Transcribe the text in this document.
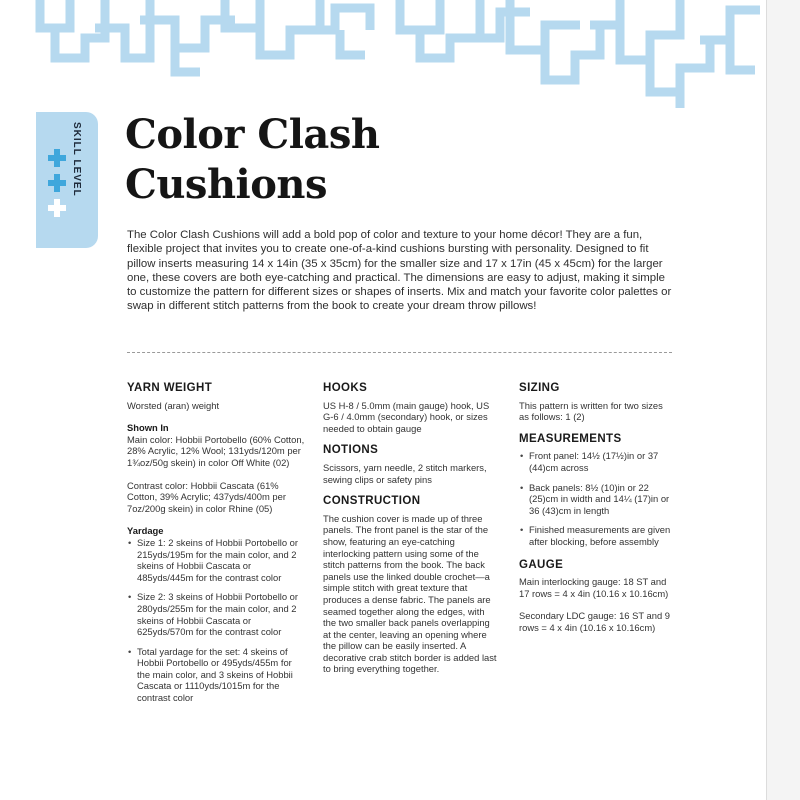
SKILL LEVEL Color Clash
Cushions

The Color Clash Cushions will add a bold pop of color and texture to your home décor! They are a fun, flexible project that invites you to create one-of-a-kind cushions bursting with personality. Designed to fit pillow inserts measuring 14 x 14in (35 x 35cm) for the smaller size and 17 x 17in (45 x 45cm) for the larger one, these covers are both eye-catching and practical. The dimensions are easy to adjust, making it simple to customize the pattern for different sizes or shapes of inserts. Mix and match your favorite color palettes or swap in different stitch patterns from the book to create your dream throw pillows!

YARN WEIGHT

Worsted (aran) weight

Shown In

Main color: Hobbii Portobello (60% Cotton, 28% Acrylic, 12% Wool; 131yds/120m per 1¾oz/50g skein) in color Off White (02)

Contrast color: Hobbii Cascata (61% Cotton, 39% Acrylic; 437yds/400m per 7oz/200g skein) in color Rhine (05)

Yardage

• Size 1: 2 skeins of Hobbii Portobello or 215yds/195m for the main color, and 2 skeins of Hobbii Cascata or 485yds/445m for the contrast color
• Size 2: 3 skeins of Hobbii Portobello or 280yds/255m for the main color, and 2 skeins of Hobbii Cascata or 625yds/570m for the contrast color
• Total yardage for the set: 4 skeins of Hobbii Portobello or 495yds/455m for the main color, and 3 skeins of Hobbii Cascata or 1110yds/1015m for the contrast color
HOOKS

US H-8 / 5.0mm (main gauge) hook, US G-6 / 4.0mm (secondary) hook, or sizes needed to obtain gauge

NOTIONS

Scissors, yarn needle, 2 stitch markers, sewing clips or safety pins

CONSTRUCTION

The cushion cover is made up of three panels. The front panel is the star of the show, featuring an eye-catching interlocking pattern using some of the stitch patterns from the book. The back panels use the linked double crochet—a simple stitch with great texture that produces a dense fabric. The panels are seamed together along the edges, with the two smaller back panels overlapping at the center, leaving an opening where the pillow can be easily inserted. A decorative crab stitch border is added last to bring everything together.

SIZING

This pattern is written for two sizes as follows: 1 (2)

MEASUREMENTS
• Front panel: 14½ (17½)in or 37 (44)cm across
• Back panels: 8½ (10)in or 22 (25)cm in width and 14¼ (17)in or 36 (43)cm in length
• Finished measurements are given after blocking, before assembly
GAUGE

Main interlocking gauge: 18 ST and 17 rows = 4 x 4in (10.16 x 10.16cm)

Secondary LDC gauge: 16 ST and 9 rows = 4 x 4in (10.16 x 10.16cm)
